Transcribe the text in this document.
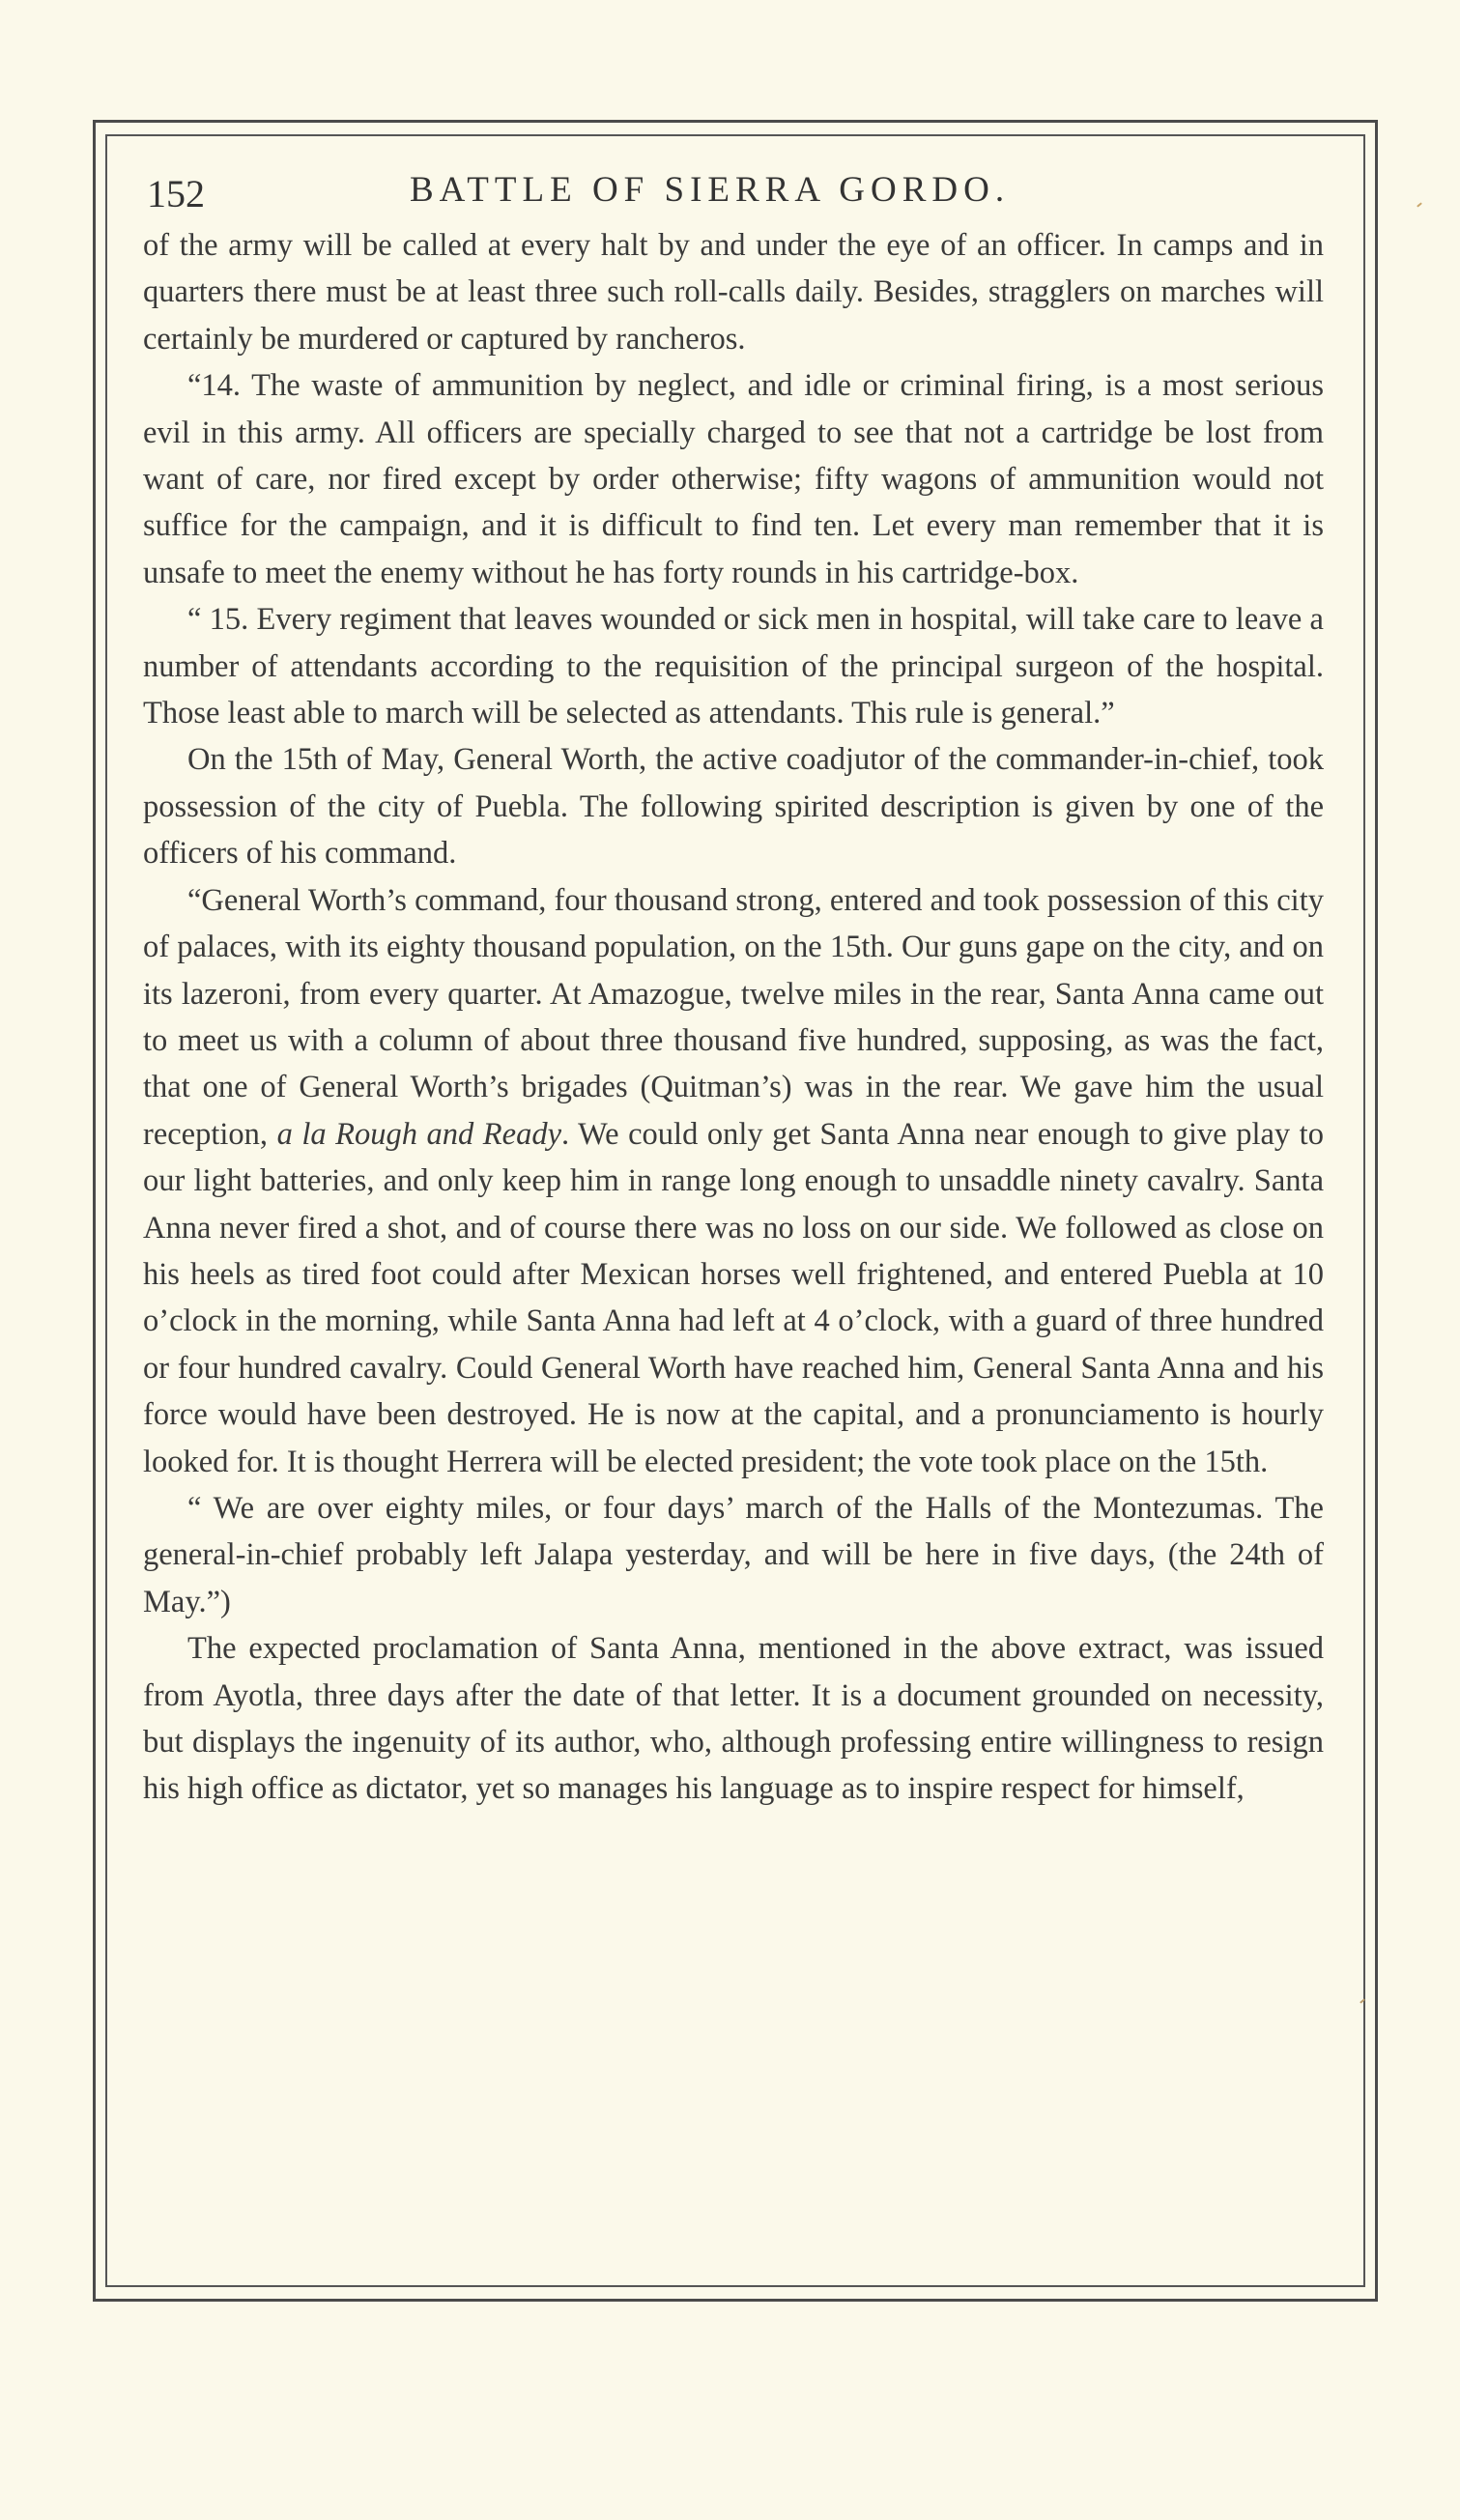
152	BATTLE OF SIERRA GORDO.

of the army will be called at every halt by and under the eye of an officer. In camps and in quarters there must be at least three such roll-calls daily. Besides, stragglers on marches will certainly be murdered or captured by rancheros.

“14. The waste of ammunition by neglect, and idle or criminal firing, is a most serious evil in this army. All officers are specially charged to see that not a cartridge be lost from want of care, nor fired except by order otherwise; fifty wagons of ammunition would not suffice for the campaign, and it is difficult to find ten. Let every man remember that it is unsafe to meet the enemy without he has forty rounds in his cartridge-box.

“ 15. Every regiment that leaves wounded or sick men in hospital, will take care to leave a number of attendants according to the requisition of the principal surgeon of the hospital. Those least able to march will be selected as attendants. This rule is general.”

On the 15th of May, General Worth, the active coadjutor of the commander-in-chief, took possession of the city of Puebla. The following spirited description is given by one of the officers of his command.

“General Worth’s command, four thousand strong, entered and took possession of this city of palaces, with its eighty thousand population, on the 15th. Our guns gape on the city, and on its lazeroni, from every quarter. At Amazogue, twelve miles in the rear, Santa Anna came out to meet us with a column of about three thousand five hundred, supposing, as was the fact, that one of General Worth’s brigades (Quitman’s) was in the rear. We gave him the usual reception, a la Rough and Ready. We could only get Santa Anna near enough to give play to our light batteries, and only keep him in range long enough to unsaddle ninety cavalry. Santa Anna never fired a shot, and of course there was no loss on our side. We followed as close on his heels as tired foot could after Mexican horses well frightened, and entered Puebla at 10 o’clock in the morning, while Santa Anna had left at 4 o’clock, with a guard of three hundred or four hundred cavalry. Could General Worth have reached him, General Santa Anna and his force would have been destroyed. He is now at the capital, and a pronunciamento is hourly looked for. It is thought Herrera will be elected president; the vote took place on the 15th.

“ We are over eighty miles, or four days’ march of the Halls of the Montezumas. The general-in-chief probably left Jalapa yesterday, and will be here in five days, (the 24th of May.”)

The expected proclamation of Santa Anna, mentioned in the above extract, was issued from Ayotla, three days after the date of that letter. It is a document grounded on necessity, but displays the ingenuity of its author, who, although professing entire willingness to resign his high office as dictator, yet so manages his language as to inspire respect for himself,
